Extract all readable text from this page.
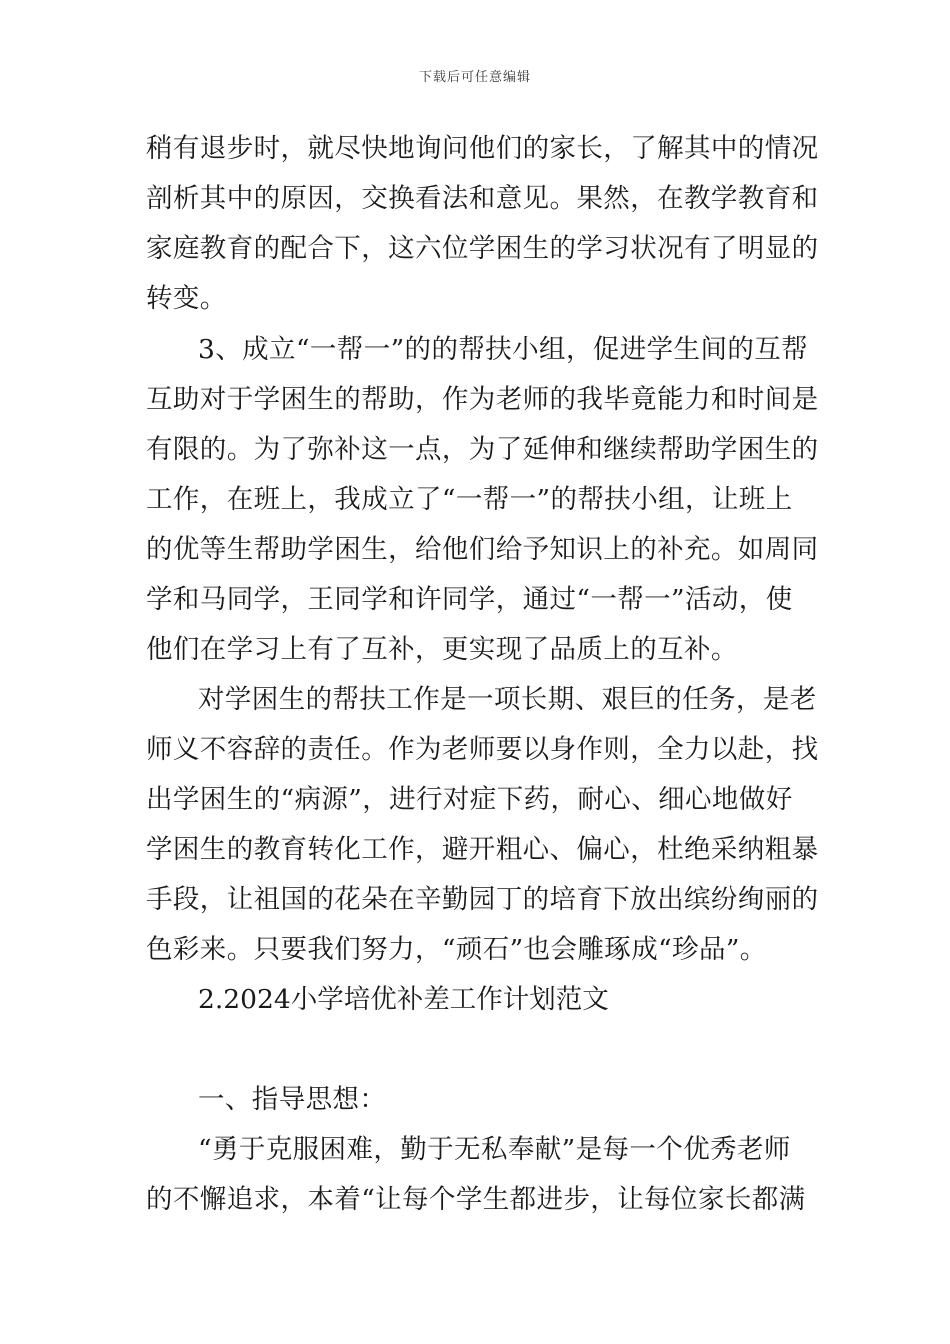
下载后可任意编辑
稍有退步时，就尽快地询问他们的家长，了解其中的情况
剖析其中的原因，交换看法和意见。果然，在教学教育和
家庭教育的配合下，这六位学困生的学习状况有了明显的
转变。
3、成立“一帮一”的的帮扶小组，促进学生间的互帮
互助对于学困生的帮助，作为老师的我毕竟能力和时间是
有限的。为了弥补这一点，为了延伸和继续帮助学困生的
工作，在班上，我成立了“一帮一”的帮扶小组，让班上
的优等生帮助学困生，给他们给予知识上的补充。如周同
学和马同学，王同学和许同学，通过“一帮一”活动，使
他们在学习上有了互补，更实现了品质上的互补。
对学困生的帮扶工作是一项长期、艰巨的任务，是老
师义不容辞的责任。作为老师要以身作则，全力以赴，找
出学困生的“病源”，进行对症下药，耐心、细心地做好
学困生的教育转化工作，避开粗心、偏心，杜绝采纳粗暴
手段，让祖国的花朵在辛勤园丁的培育下放出缤纷绚丽的
色彩来。只要我们努力，“顽石”也会雕琢成“珍品”。
2.2024小学培优补差工作计划范文
一、指导思想：
“勇于克服困难，勤于无私奉献”是每一个优秀老师
的不懈追求，本着“让每个学生都进步，让每位家长都满
